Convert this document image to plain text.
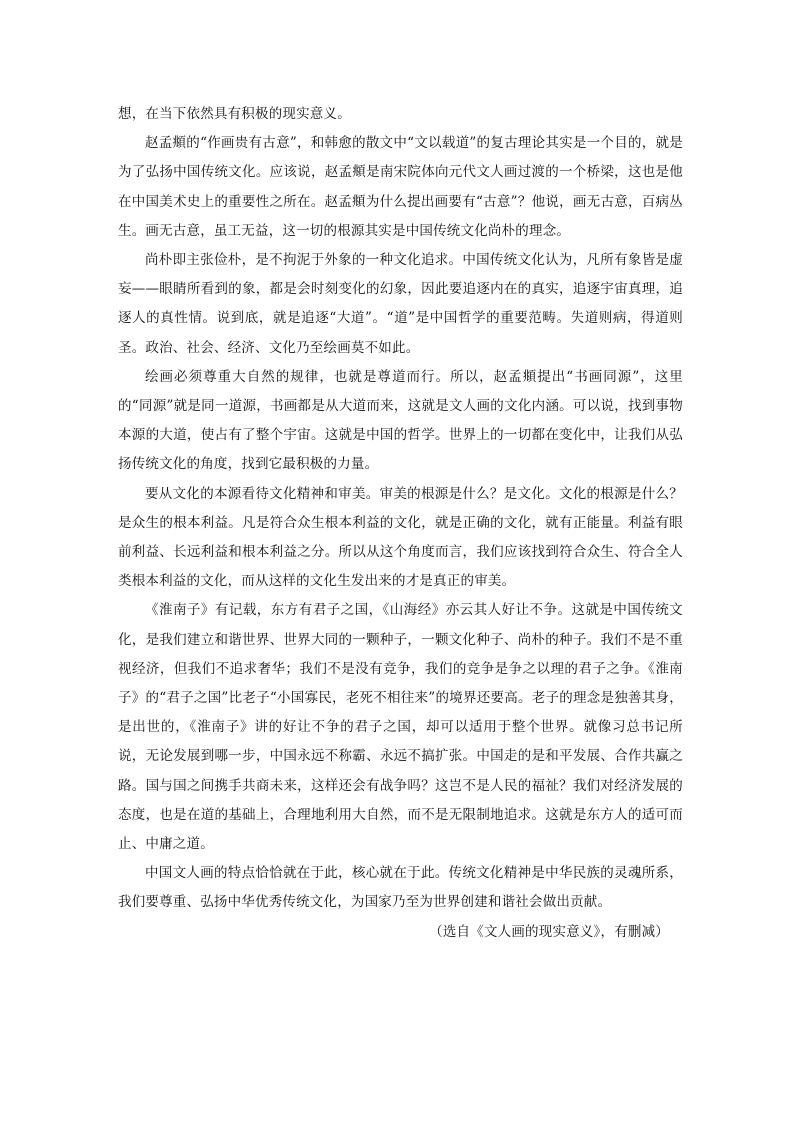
想，在当下依然具有积极的现实意义。

赵孟頫的“作画贵有古意”，和韩愈的散文中“文以载道”的复古理论其实是一个目的，就是为了弘扬中国传统文化。应该说，赵孟頫是南宋院体向元代文人画过渡的一个桥梁，这也是他在中国美术史上的重要性之所在。赵孟頫为什么提出画要有“古意”？他说，画无古意，百病丛生。画无古意，虽工无益，这一切的根源其实是中国传统文化尚朴的理念。

尚朴即主张俭朴，是不拘泥于外象的一种文化追求。中国传统文化认为，凡所有象皆是虚妄——眼睛所看到的象，都是会时刻变化的幻象，因此要追逐内在的真实，追逐宇宙真理，追逐人的真性情。说到底，就是追逐“大道”。“道”是中国哲学的重要范畴。失道则病，得道则圣。政治、社会、经济、文化乃至绘画莫不如此。

绘画必须尊重大自然的规律，也就是尊道而行。所以，赵孟頫提出“书画同源”，这里的“同源”就是同一道源，书画都是从大道而来，这就是文人画的文化内涵。可以说，找到事物本源的大道，使占有了整个宇宙。这就是中国的哲学。世界上的一切都在变化中，让我们从弘扬传统文化的角度，找到它最积极的力量。

要从文化的本源看待文化精神和审美。审美的根源是什么？是文化。文化的根源是什么？是众生的根本利益。凡是符合众生根本利益的文化，就是正确的文化，就有正能量。利益有眼前利益、长远利益和根本利益之分。所以从这个角度而言，我们应该找到符合众生、符合全人类根本利益的文化，而从这样的文化生发出来的才是真正的审美。

《淮南子》有记载，东方有君子之国，《山海经》亦云其人好让不争。这就是中国传统文化，是我们建立和谐世界、世界大同的一颗种子，一颗文化种子、尚朴的种子。我们不是不重视经济，但我们不追求奢华；我们不是没有竞争，我们的竞争是争之以理的君子之争。《淮南子》的“君子之国”比老子“小国寡民，老死不相往来”的境界还要高。老子的理念是独善其身，是出世的，《淮南子》讲的好让不争的君子之国，却可以适用于整个世界。就像习总书记所说，无论发展到哪一步，中国永远不称霸、永远不搞扩张。中国走的是和平发展、合作共赢之路。国与国之间携手共商未来，这样还会有战争吗？这岂不是人民的福祉？我们对经济发展的态度，也是在道的基础上，合理地利用大自然，而不是无限制地追求。这就是东方人的适可而止、中庸之道。

中国文人画的特点恰恰就在于此，核心就在于此。传统文化精神是中华民族的灵魂所系，我们要尊重、弘扬中华优秀传统文化，为国家乃至为世界创建和谐社会做出贡献。

（选自《文人画的现实意义》，有删减）
